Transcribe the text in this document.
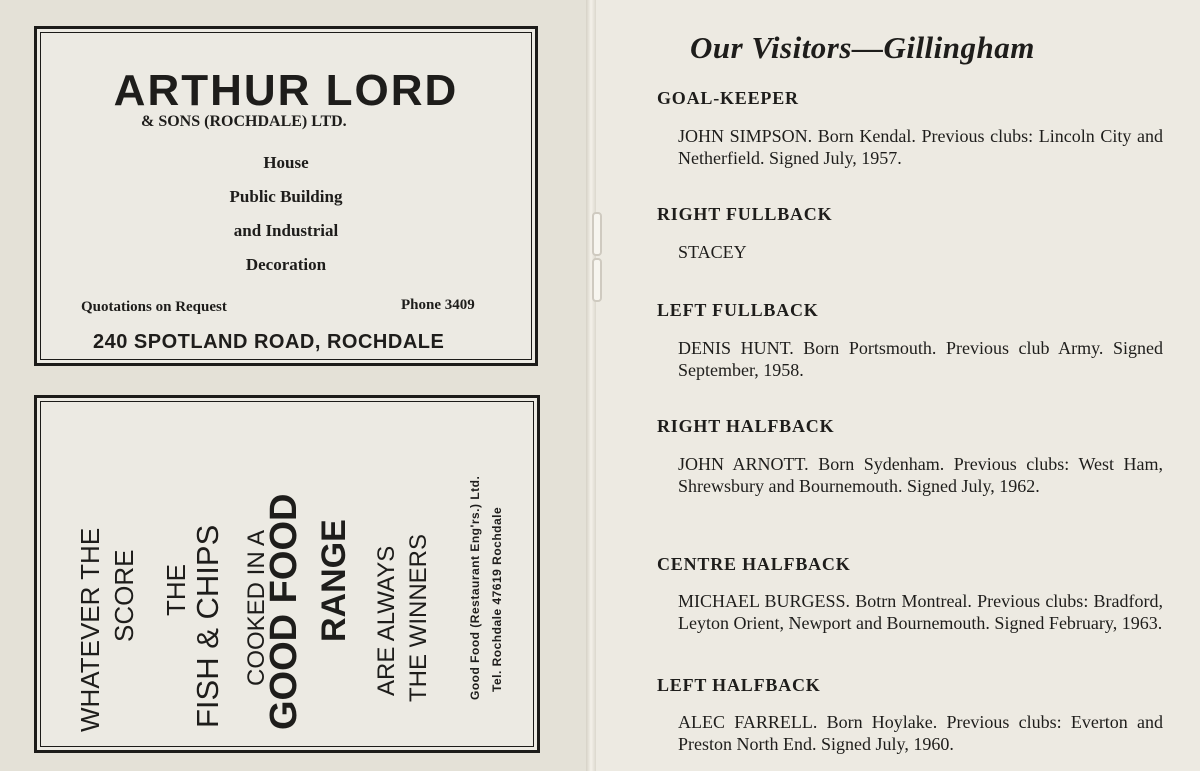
ARTHUR LORD
& SONS (ROCHDALE) LTD.
House
Public Building
and Industrial
Decoration
Quotations on Request	Phone 3409
240 SPOTLAND ROAD, ROCHDALE
WHATEVER THE SCORE THE FISH & CHIPS COOKED IN A
GOOD FOOD RANGE ARE ALWAYS THE WINNERS	Good Food (Restaurant Eng'rs.) Ltd. Tel. Rochdale 47619 Rochdale
Our Visitors—Gillingham
GOAL-KEEPER
JOHN SIMPSON. Born Kendal. Previous clubs: Lincoln City and Netherfield. Signed July, 1957.
RIGHT FULLBACK
STACEY
LEFT FULLBACK
DENIS HUNT. Born Portsmouth. Previous club Army. Signed September, 1958.
RIGHT HALFBACK
JOHN ARNOTT. Born Sydenham. Previous clubs: West Ham, Shrewsbury and Bournemouth. Signed July, 1962.
CENTRE HALFBACK
MICHAEL BURGESS. Botrn Montreal. Previous clubs: Bradford, Leyton Orient, Newport and Bournemouth. Signed February, 1963.
LEFT HALFBACK
ALEC FARRELL. Born Hoylake. Previous clubs: Everton and Preston North End. Signed July, 1960.
